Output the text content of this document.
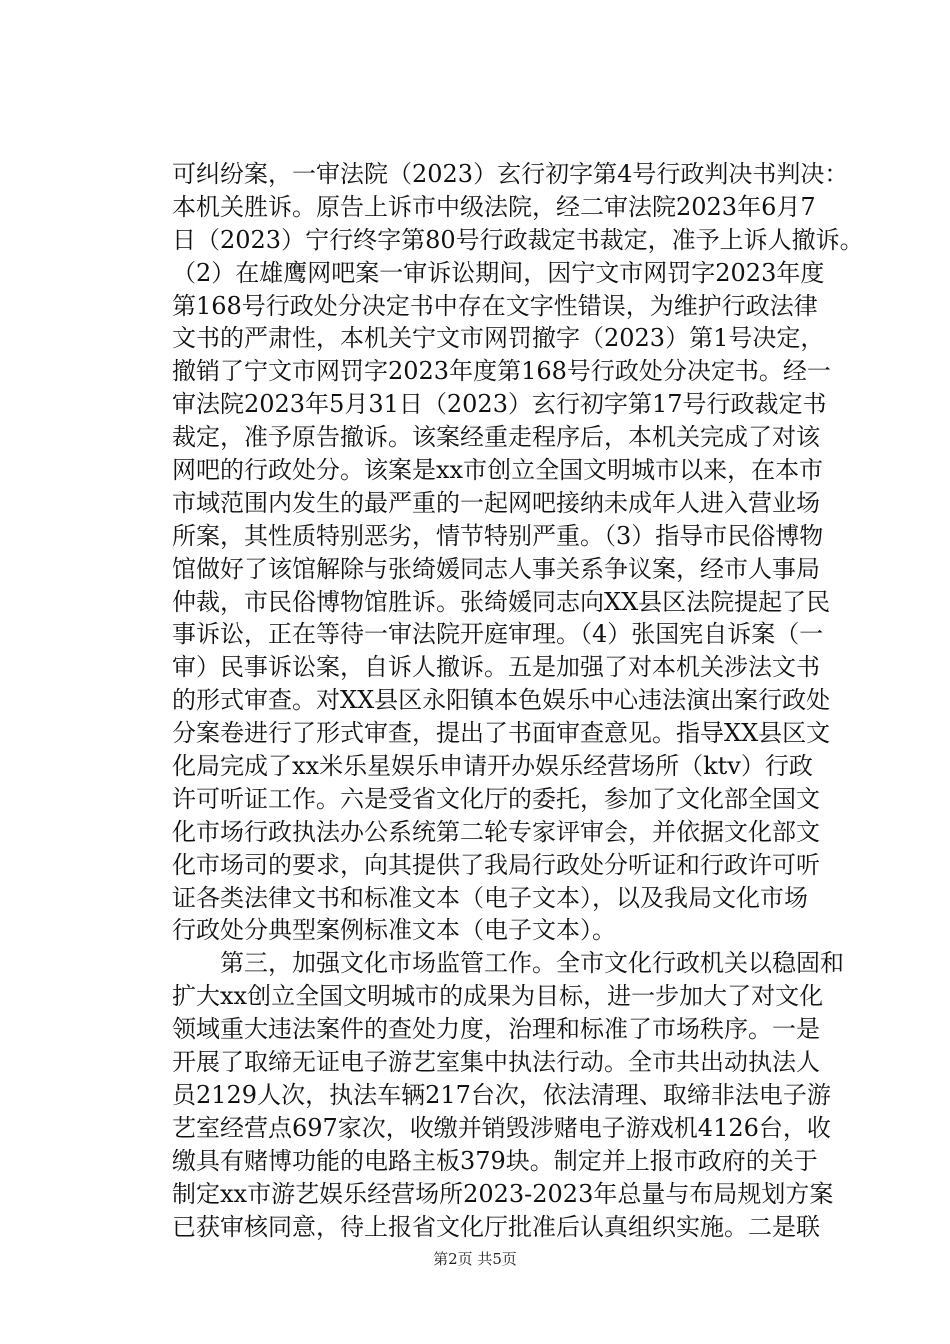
可纠纷案，一审法院（2023）玄行初字第4号行政判决书判决：
本机关胜诉。原告上诉市中级法院，经二审法院2023年6月7
日（2023）宁行终字第80号行政裁定书裁定，准予上诉人撤诉。
（2）在雄鹰网吧案一审诉讼期间，因宁文市网罚字2023年度
第168号行政处分决定书中存在文字性错误，为维护行政法律
文书的严肃性，本机关宁文市网罚撤字（2023）第1号决定，
撤销了宁文市网罚字2023年度第168号行政处分决定书。经一
审法院2023年5月31日（2023）玄行初字第17号行政裁定书
裁定，准予原告撤诉。该案经重走程序后，本机关完成了对该
网吧的行政处分。该案是xx市创立全国文明城市以来，在本市
市域范围内发生的最严重的一起网吧接纳未成年人进入营业场
所案，其性质特别恶劣，情节特别严重。（3）指导市民俗博物
馆做好了该馆解除与张绮媛同志人事关系争议案，经市人事局
仲裁，市民俗博物馆胜诉。张绮媛同志向XX县区法院提起了民
事诉讼，正在等待一审法院开庭审理。（4）张国宪自诉案（一
审）民事诉讼案，自诉人撤诉。五是加强了对本机关涉法文书
的形式审查。对XX县区永阳镇本色娱乐中心违法演出案行政处
分案卷进行了形式审查，提出了书面审查意见。指导XX县区文
化局完成了xx米乐星娱乐申请开办娱乐经营场所（ktv）行政
许可听证工作。六是受省文化厅的委托，参加了文化部全国文
化市场行政执法办公系统第二轮专家评审会，并依据文化部文
化市场司的要求，向其提供了我局行政处分听证和行政许可听
证各类法律文书和标准文本（电子文本），以及我局文化市场
行政处分典型案例标准文本（电子文本）。
第三，加强文化市场监管工作。全市文化行政机关以稳固和
扩大xx创立全国文明城市的成果为目标，进一步加大了对文化
领域重大违法案件的查处力度，治理和标准了市场秩序。一是
开展了取缔无证电子游艺室集中执法行动。全市共出动执法人
员2129人次，执法车辆217台次，依法清理、取缔非法电子游
艺室经营点697家次，收缴并销毁涉赌电子游戏机4126台，收
缴具有赌博功能的电路主板379块。制定并上报市政府的关于
制定xx市游艺娱乐经营场所2023-2023年总量与布局规划方案
已获审核同意，待上报省文化厅批准后认真组织实施。二是联
第2页 共5页
